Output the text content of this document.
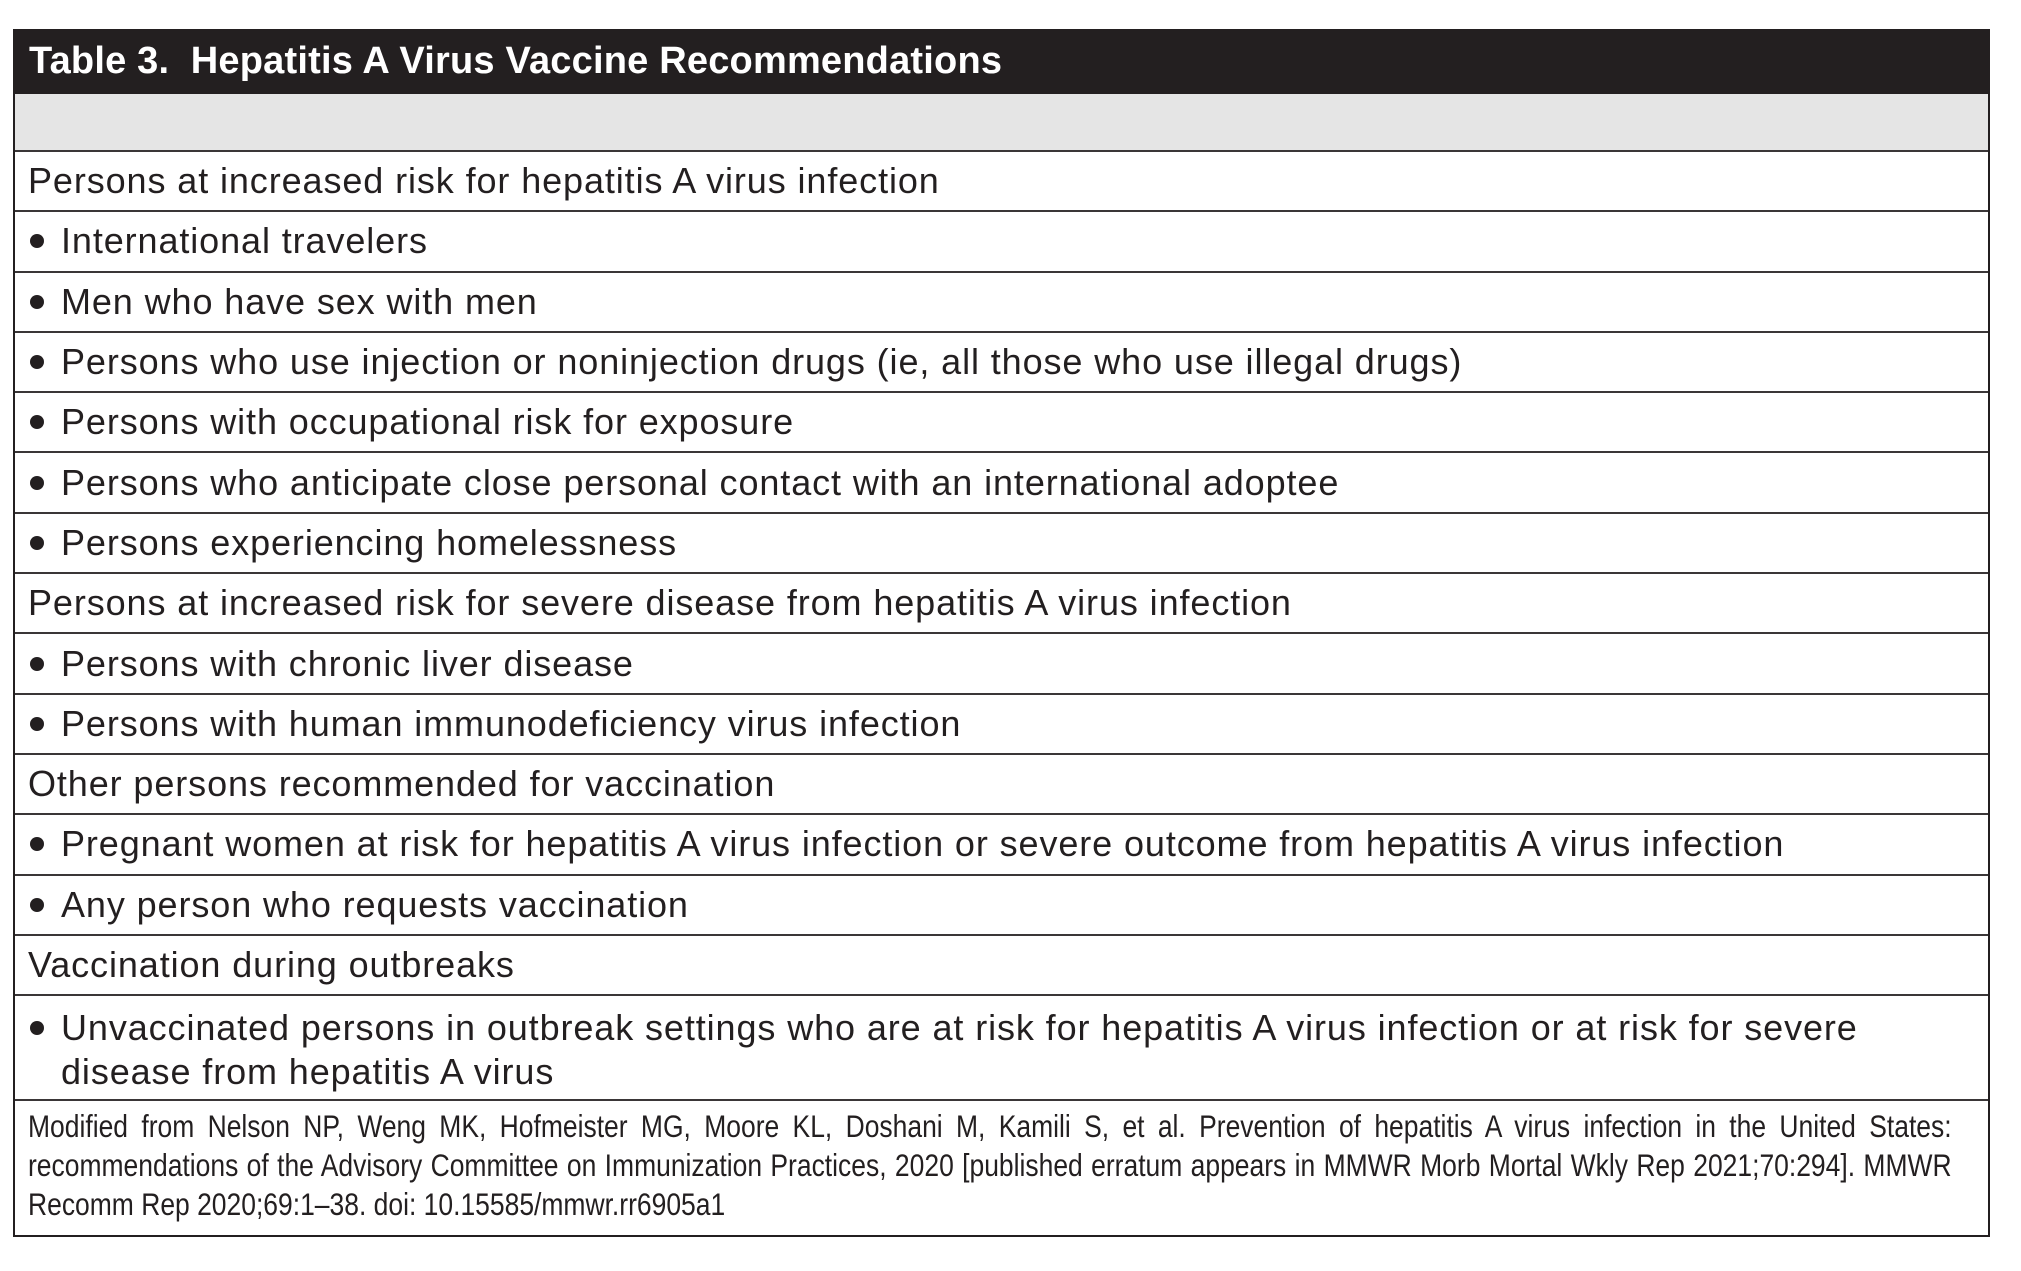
Table 3.  Hepatitis A Virus Vaccine Recommendations
Persons at increased risk for hepatitis A virus infection
International travelers
Men who have sex with men
Persons who use injection or noninjection drugs (ie, all those who use illegal drugs)
Persons with occupational risk for exposure
Persons who anticipate close personal contact with an international adoptee
Persons experiencing homelessness
Persons at increased risk for severe disease from hepatitis A virus infection
Persons with chronic liver disease
Persons with human immunodeficiency virus infection
Other persons recommended for vaccination
Pregnant women at risk for hepatitis A virus infection or severe outcome from hepatitis A virus infection
Any person who requests vaccination
Vaccination during outbreaks
Unvaccinated persons in outbreak settings who are at risk for hepatitis A virus infection or at risk for severe disease from hepatitis A virus
Modified from Nelson NP, Weng MK, Hofmeister MG, Moore KL, Doshani M, Kamili S, et al. Prevention of hepatitis A virus infection in the United States: recommendations of the Advisory Committee on Immunization Practices, 2020 [published erratum appears in MMWR Morb Mortal Wkly Rep 2021;70:294]. MMWR Recomm Rep 2020;69:1–38. doi: 10.15585/mmwr.rr6905a1
